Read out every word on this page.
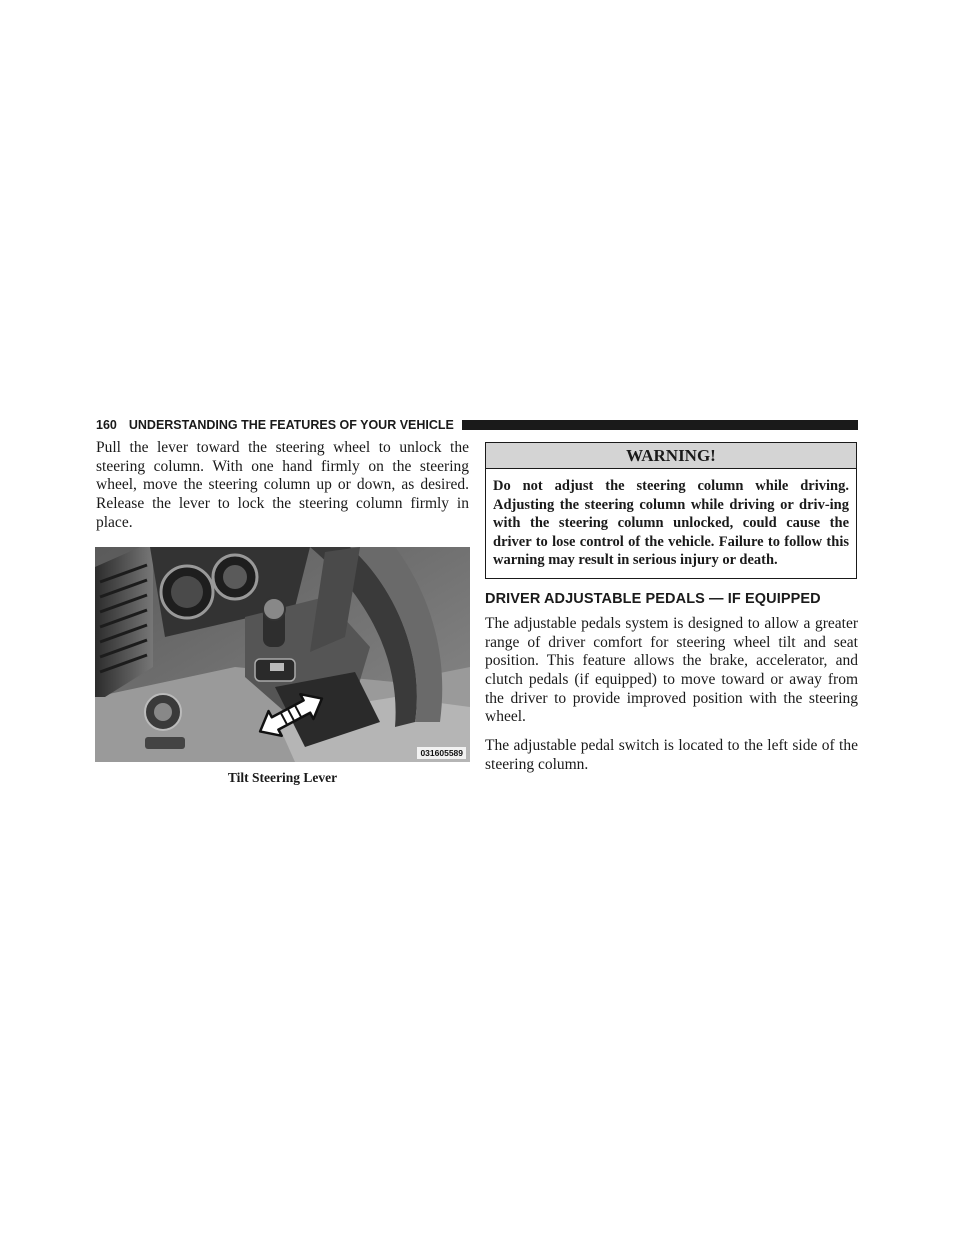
160 UNDERSTANDING THE FEATURES OF YOUR VEHICLE

Pull the lever toward the steering wheel to unlock the steering column. With one hand firmly on the steering wheel, move the steering column up or down, as desired. Release the lever to lock the steering column firmly in place.

031605589
Tilt Steering Lever
WARNING!
Do not adjust the steering column while driving. Adjusting the steering column while driving or driv-ing with the steering column unlocked, could cause the driver to lose control of the vehicle. Failure to follow this warning may result in serious injury or death.
DRIVER ADJUSTABLE PEDALS — IF EQUIPPED

The adjustable pedals system is designed to allow a greater range of driver comfort for steering wheel tilt and seat position. This feature allows the brake, accelerator, and clutch pedals (if equipped) to move toward or away from the driver to provide improved position with the steering wheel.

The adjustable pedal switch is located to the left side of the steering column.
